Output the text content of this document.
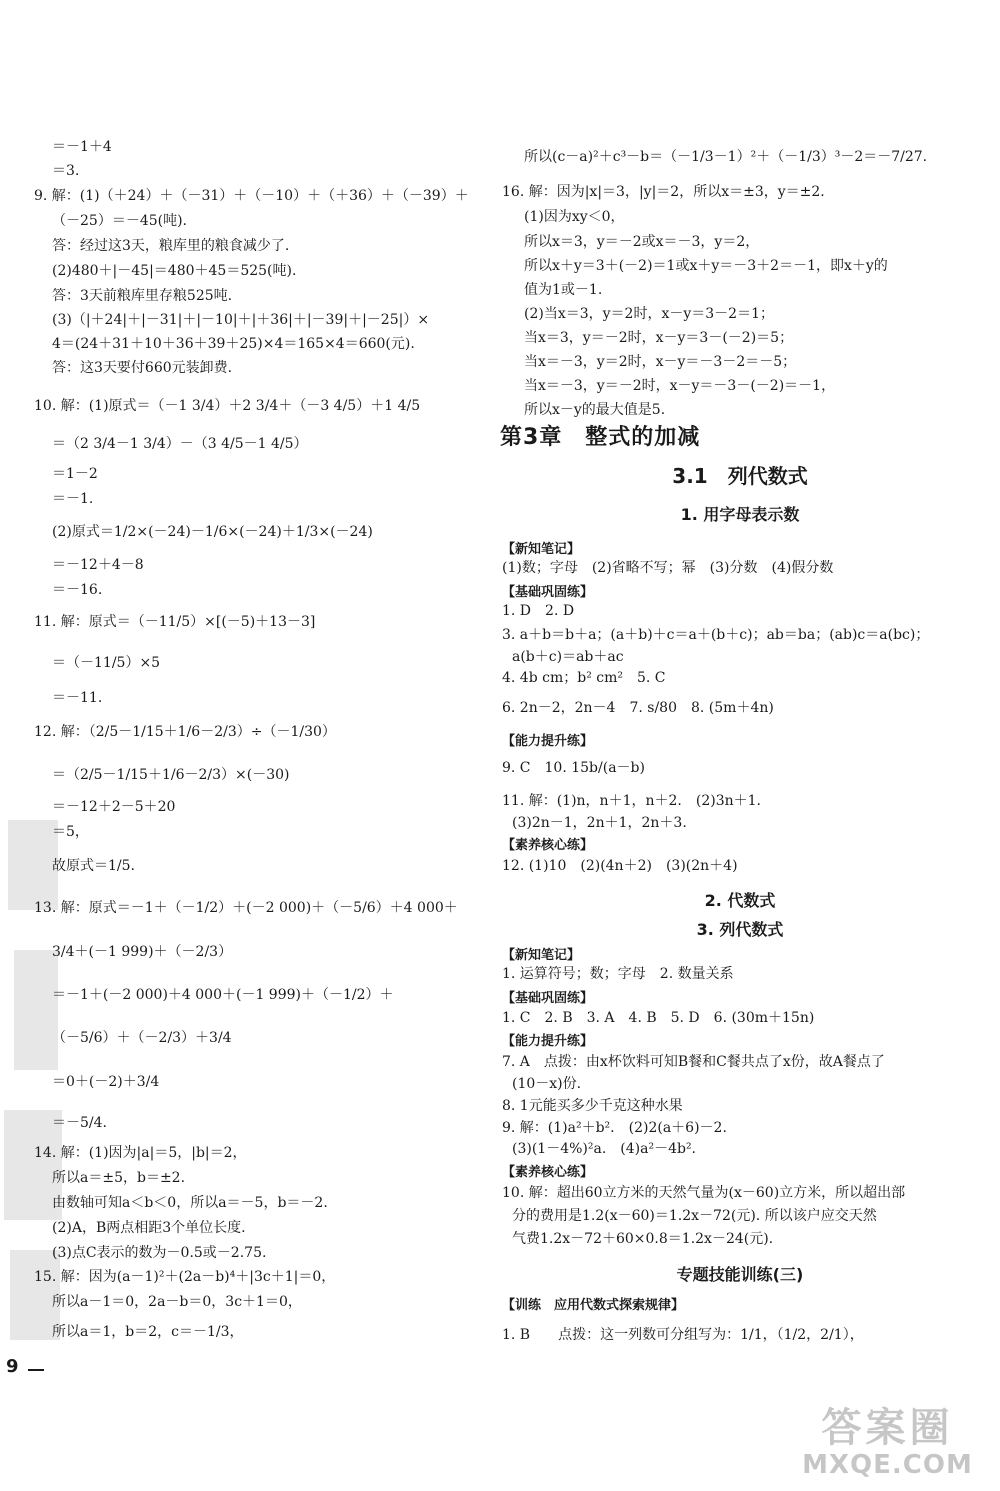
＝－1＋4
＝3.
9. 解：(1)（＋24）＋（－31）＋（－10）＋（＋36）＋（－39）＋
（－25）＝－45(吨).
答：经过这3天，粮库里的粮食减少了.
(2)480＋|－45|＝480＋45＝525(吨).
答：3天前粮库里存粮525吨.
(3)（|＋24|＋|－31|＋|－10|＋|＋36|＋|－39|＋|－25|）×
4＝(24＋31＋10＋36＋39＋25)×4＝165×4＝660(元).
答：这3天要付660元装卸费.
10. 解：(1)原式＝（－1 3/4）＋2 3/4＋（－3 4/5）＋1 4/5
＝（2 3/4－1 3/4）－（3 4/5－1 4/5）
＝1－2
＝－1.
(2)原式＝1/2×(－24)－1/6×(－24)＋1/3×(－24)
＝－12＋4－8
＝－16.
11. 解：原式＝（－11/5）×[(－5)＋13－3]
＝（－11/5）×5
＝－11.
12. 解：（2/5－1/15＋1/6－2/3）÷（－1/30）
＝（2/5－1/15＋1/6－2/3）×(－30)
＝－12＋2－5＋20
＝5，
故原式＝1/5.
13. 解：原式＝－1＋（－1/2）＋(－2 000)＋（－5/6）＋4 000＋
3/4＋(－1 999)＋（－2/3）
＝－1＋(－2 000)＋4 000＋(－1 999)＋（－1/2）＋
（－5/6）＋（－2/3）＋3/4
＝0＋(－2)＋3/4
＝－5/4.
14. 解：(1)因为|a|＝5，|b|＝2，
所以a＝±5，b＝±2.
由数轴可知a＜b＜0，所以a＝－5，b＝－2.
(2)A，B两点相距3个单位长度.
(3)点C表示的数为－0.5或－2.75.
15. 解：因为(a－1)²＋(2a－b)⁴＋|3c＋1|＝0，
所以a－1＝0，2a－b＝0，3c＋1＝0，
所以a＝1，b＝2，c＝－1/3，
所以(c－a)²＋c³－b＝（－1/3－1）²＋（－1/3）³－2＝－7/27.
16. 解：因为|x|＝3，|y|＝2，所以x＝±3，y＝±2.
(1)因为xy＜0，
所以x＝3，y＝－2或x＝－3，y＝2，
所以x＋y＝3＋(－2)＝1或x＋y＝－3＋2＝－1，即x＋y的
值为1或－1.
(2)当x＝3，y＝2时，x－y＝3－2＝1；
当x＝3，y＝－2时，x－y＝3－(－2)＝5；
当x＝－3，y＝2时，x－y＝－3－2＝－5；
当x＝－3，y＝－2时，x－y＝－3－(－2)＝－1，
所以x－y的最大值是5.
第3章　整式的加减
3.1　列代数式
1. 用字母表示数
【新知笔记】
(1)数；字母　(2)省略不写；幂　(3)分数　(4)假分数
【基础巩固练】
1. D　2. D
3. a＋b＝b＋a；(a＋b)＋c＝a＋(b＋c)；ab＝ba；(ab)c＝a(bc)；
a(b＋c)＝ab＋ac
4. 4b cm；b² cm²　5. C
6. 2n－2，2n－4　7. s/80　8. (5m＋4n)
【能力提升练】
9. C　10. 15b/(a－b)
11. 解：(1)n，n＋1，n＋2.　(2)3n＋1.
(3)2n－1，2n＋1，2n＋3.
【素养核心练】
12. (1)10　(2)(4n＋2)　(3)(2n＋4)
2. 代数式
3. 列代数式
【新知笔记】
1. 运算符号；数；字母　2. 数量关系
【基础巩固练】
1. C　2. B　3. A　4. B　5. D　6. (30m＋15n)
【能力提升练】
7. A　点拨：由x杯饮料可知B餐和C餐共点了x份，故A餐点了
(10－x)份.
8. 1元能买多少千克这种水果
9. 解：(1)a²＋b².　(2)2(a＋6)－2.
(3)(1－4%)²a.　(4)a²－4b².
【素养核心练】
10. 解：超出60立方米的天然气量为(x－60)立方米，所以超出部
分的费用是1.2(x－60)＝1.2x－72(元). 所以该户应交天然
气费1.2x－72＋60×0.8＝1.2x－24(元).
专题技能训练(三)
【训练　应用代数式探索规律】
1. B　　点拨：这一列数可分组写为：1/1，（1/2，2/1），
9
答案圈
MXQE.COM
